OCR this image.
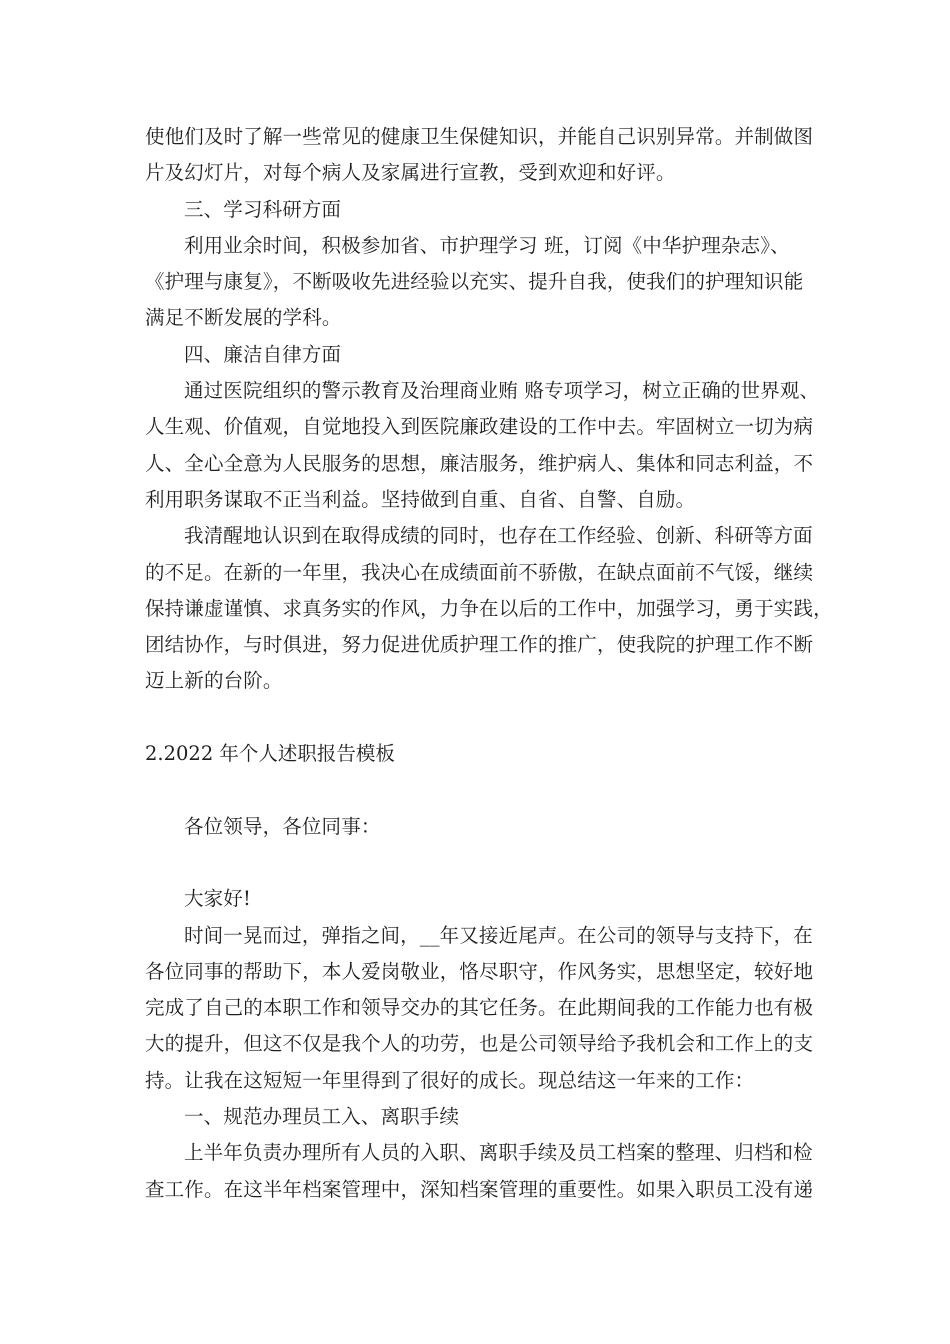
使他们及时了解一些常见的健康卫生保健知识，并能自己识别异常。并制做图

片及幻灯片，对每个病人及家属进行宣教，受到欢迎和好评。

三、学习科研方面

利用业余时间，积极参加省、市护理学习 班，订阅《中华护理杂志》、

《护理与康复》，不断吸收先进经验以充实、提升自我，使我们的护理知识能

满足不断发展的学科。

四、廉洁自律方面

通过医院组织的警示教育及治理商业贿 赂专项学习，树立正确的世界观、

人生观、价值观，自觉地投入到医院廉政建设的工作中去。牢固树立一切为病

人、全心全意为人民服务的思想，廉洁服务，维护病人、集体和同志利益，不

利用职务谋取不正当利益。坚持做到自重、自省、自警、自励。

我清醒地认识到在取得成绩的同时，也存在工作经验、创新、科研等方面

的不足。在新的一年里，我决心在成绩面前不骄傲，在缺点面前不气馁，继续

保持谦虚谨慎、求真务实的作风，力争在以后的工作中，加强学习，勇于实践，

团结协作，与时俱进，努力促进优质护理工作的推广，使我院的护理工作不断

迈上新的台阶。

2.2022 年个人述职报告模板

各位领导，各位同事：

大家好!

时间一晃而过，弹指之间，__年又接近尾声。在公司的领导与支持下，在

各位同事的帮助下，本人爱岗敬业，恪尽职守，作风务实，思想坚定，较好地

完成了自己的本职工作和领导交办的其它任务。在此期间我的工作能力也有极

大的提升，但这不仅是我个人的功劳，也是公司领导给予我机会和工作上的支

持。让我在这短短一年里得到了很好的成长。现总结这一年来的工作：

一、规范办理员工入、离职手续

上半年负责办理所有人员的入职、离职手续及员工档案的整理、归档和检

查工作。在这半年档案管理中，深知档案管理的重要性。如果入职员工没有递
